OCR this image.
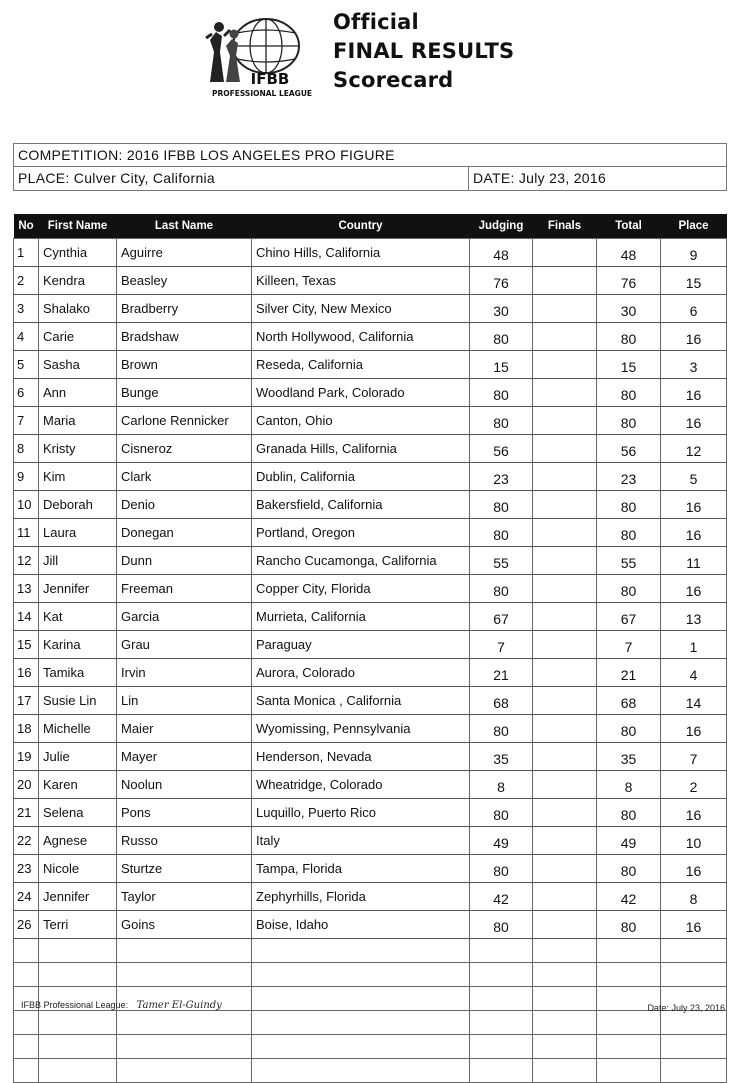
IFBB
PROFESSIONAL LEAGUE
Official
FINAL RESULTS
Scorecard
COMPETITION: 2016 IFBB LOS ANGELES PRO FIGURE
PLACE: Culver City, California	DATE: July 23, 2016
No	First Name	Last Name	Country	Judging	Finals	Total	Place
1	Cynthia	Aguirre	Chino Hills, California	48		48	9
2	Kendra	Beasley	Killeen, Texas	76		76	15
3	Shalako	Bradberry	Silver City, New Mexico	30		30	6
4	Carie	Bradshaw	North Hollywood, California	80		80	16
5	Sasha	Brown	Reseda, California	15		15	3
6	Ann	Bunge	Woodland Park, Colorado	80		80	16
7	Maria	Carlone Rennicker	Canton, Ohio	80		80	16
8	Kristy	Cisneroz	Granada Hills, California	56		56	12
9	Kim	Clark	Dublin, California	23		23	5
10	Deborah	Denio	Bakersfield, California	80		80	16
11	Laura	Donegan	Portland, Oregon	80		80	16
12	Jill	Dunn	Rancho Cucamonga, California	55		55	11
13	Jennifer	Freeman	Copper City, Florida	80		80	16
14	Kat	Garcia	Murrieta, California	67		67	13
15	Karina	Grau	Paraguay	7		7	1
16	Tamika	Irvin	Aurora, Colorado	21		21	4
17	Susie Lin	Lin	Santa Monica , California	68		68	14
18	Michelle	Maier	Wyomissing, Pennsylvania	80		80	16
19	Julie	Mayer	Henderson, Nevada	35		35	7
20	Karen	Noolun	Wheatridge, Colorado	8		8	2
21	Selena	Pons	Luquillo, Puerto Rico	80		80	16
22	Agnese	Russo	Italy	49		49	10
23	Nicole	Sturtze	Tampa, Florida	80		80	16
24	Jennifer	Taylor	Zephyrhills, Florida	42		42	8
26	Terri	Goins	Boise, Idaho	80		80	16

IFBB Professional League: Tamer El-Guindy	Date: July 23, 2016
